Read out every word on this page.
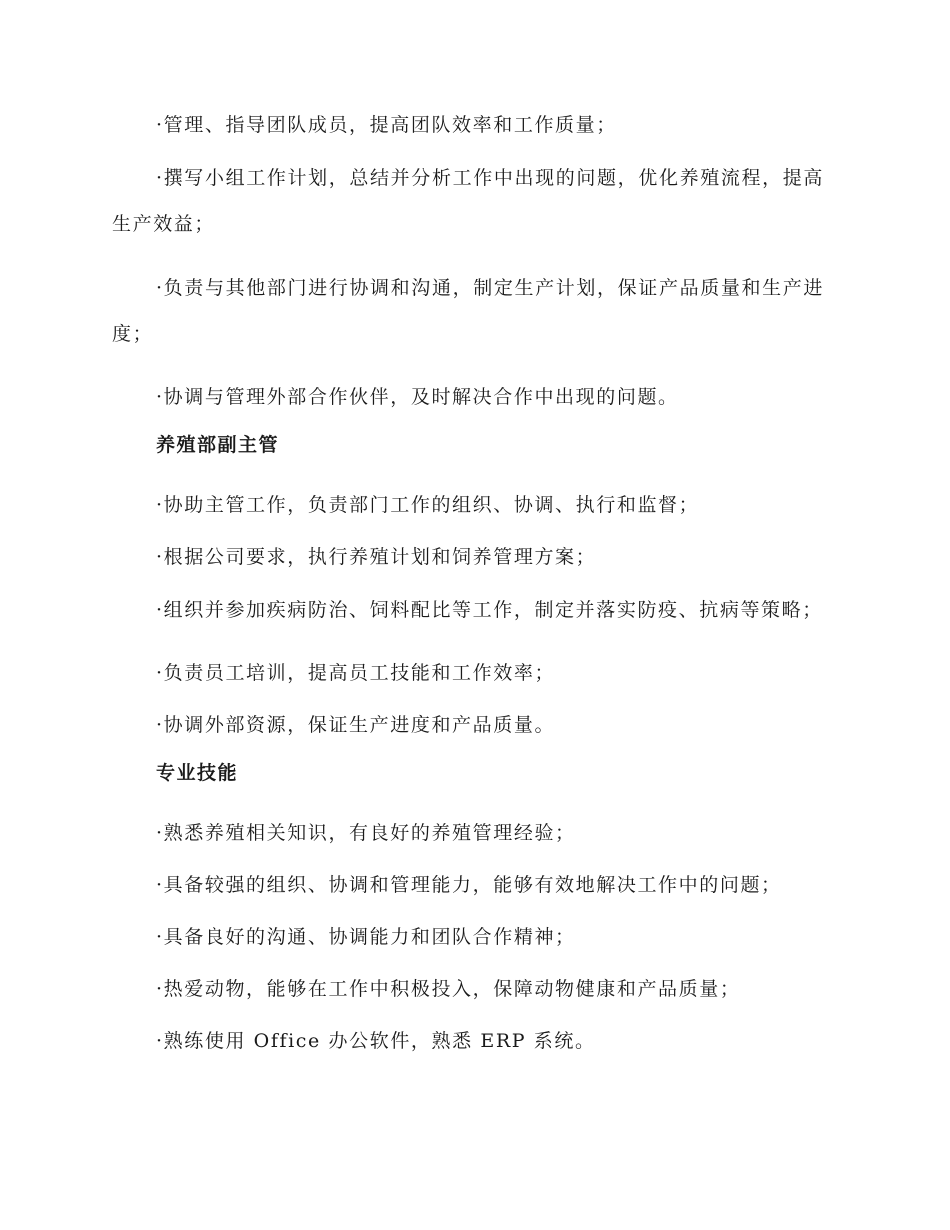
·管理、指导团队成员，提高团队效率和工作质量；

·撰写小组工作计划，总结并分析工作中出现的问题，优化养殖流程，提高生产效益；

·负责与其他部门进行协调和沟通，制定生产计划，保证产品质量和生产进度；

·协调与管理外部合作伙伴，及时解决合作中出现的问题。

养殖部副主管

·协助主管工作，负责部门工作的组织、协调、执行和监督；

·根据公司要求，执行养殖计划和饲养管理方案；

·组织并参加疾病防治、饲料配比等工作，制定并落实防疫、抗病等策略；

·负责员工培训，提高员工技能和工作效率；

·协调外部资源，保证生产进度和产品质量。

专业技能

·熟悉养殖相关知识，有良好的养殖管理经验；

·具备较强的组织、协调和管理能力，能够有效地解决工作中的问题；

·具备良好的沟通、协调能力和团队合作精神；

·热爱动物，能够在工作中积极投入，保障动物健康和产品质量；

·熟练使用 Office 办公软件，熟悉 ERP 系统。
